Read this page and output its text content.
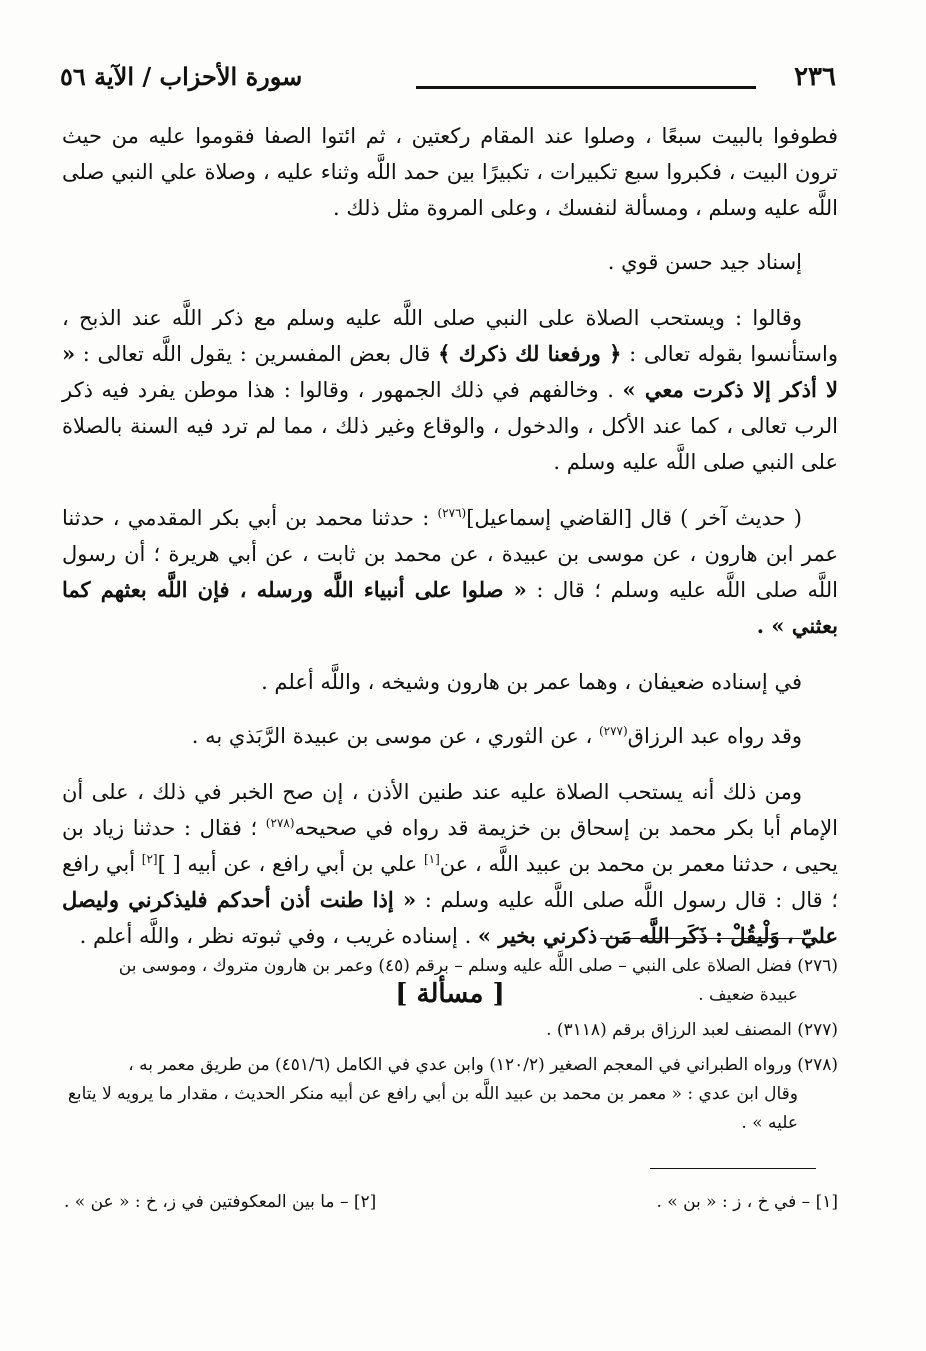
٢٣٦
سورة الأحزاب / الآية ٥٦

فطوفوا بالبيت سبعًا ، وصلوا عند المقام ركعتين ، ثم ائتوا الصفا فقوموا عليه من حيث ترون البيت ، فكبروا سبع تكبيرات ، تكبيرًا بين حمد اللَّه وثناء عليه ، وصلاة علي النبي صلى اللَّه عليه وسلم ، ومسألة لنفسك ، وعلى المروة مثل ذلك .

إسناد جيد حسن قوي .

وقالوا : ويستحب الصلاة على النبي صلى اللَّه عليه وسلم مع ذكر اللَّه عند الذبح ، واستأنسوا بقوله تعالى : ﴿ ورفعنا لك ذكرك ﴾ قال بعض المفسرين : يقول اللَّه تعالى : « لا أذكر إلا ذكرت معي » . وخالفهم في ذلك الجمهور ، وقالوا : هذا موطن يفرد فيه ذكر الرب تعالى ، كما عند الأكل ، والدخول ، والوقاع وغير ذلك ، مما لم ترد فيه السنة بالصلاة على النبي صلى اللَّه عليه وسلم .

( حديث آخر ) قال [القاضي إسماعيل]$^{(٢٧٦)}$ : حدثنا محمد بن أبي بكر المقدمي ، حدثنا عمر ابن هارون ، عن موسى بن عبيدة ، عن محمد بن ثابت ، عن أبي هريرة ؛ أن رسول اللَّه صلى اللَّه عليه وسلم ؛ قال : « صلوا على أنبياء اللَّه ورسله ، فإن اللَّه بعثهم كما بعثني » .

في إسناده ضعيفان ، وهما عمر بن هارون وشيخه ، واللَّه أعلم .

وقد رواه عبد الرزاق$^{(٢٧٧)}$ ، عن الثوري ، عن موسى بن عبيدة الرَّبَذي به .

ومن ذلك أنه يستحب الصلاة عليه عند طنين الأذن ، إن صح الخبر في ذلك ، على أن الإمام أبا بكر محمد بن إسحاق بن خزيمة قد رواه في صحيحه$^{(٢٧٨)}$ ؛ فقال : حدثنا زياد بن يحيى ، حدثنا معمر بن محمد بن عبيد اللَّه ، عن[١] علي بن أبي رافع ، عن أبيه [ ][٢] أبي رافع ؛ قال : قال رسول اللَّه صلى اللَّه عليه وسلم : « إذا طنت أذن أحدكم فليذكرني وليصل عليّ ، وَلْيقُلْ : ذَكَر اللَّه مَن ذكرني بخير » . إسناده غريب ، وفي ثبوته نظر ، واللَّه أعلم .

[ مسألة ]

(٢٧٦) فضل الصلاة على النبي – صلى اللَّه عليه وسلم – برقم (٤٥) وعمر بن هارون متروك ، وموسى بن
عبيدة ضعيف .

(٢٧٧) المصنف لعبد الرزاق برقم (٣١١٨) .

(٢٧٨) ورواه الطبراني في المعجم الصغير (١٢٠/٢) وابن عدي في الكامل (٤٥١/٦) من طريق معمر به ،
وقال ابن عدي : « معمر بن محمد بن عبيد اللَّه بن أبي رافع عن أبيه منكر الحديث ، مقدار ما يرويه لا يتابع
عليه » .

[١] – في خ ، ز : « بن » .
[٢] – ما بين المعكوفتين في ز، خ : « عن » .
